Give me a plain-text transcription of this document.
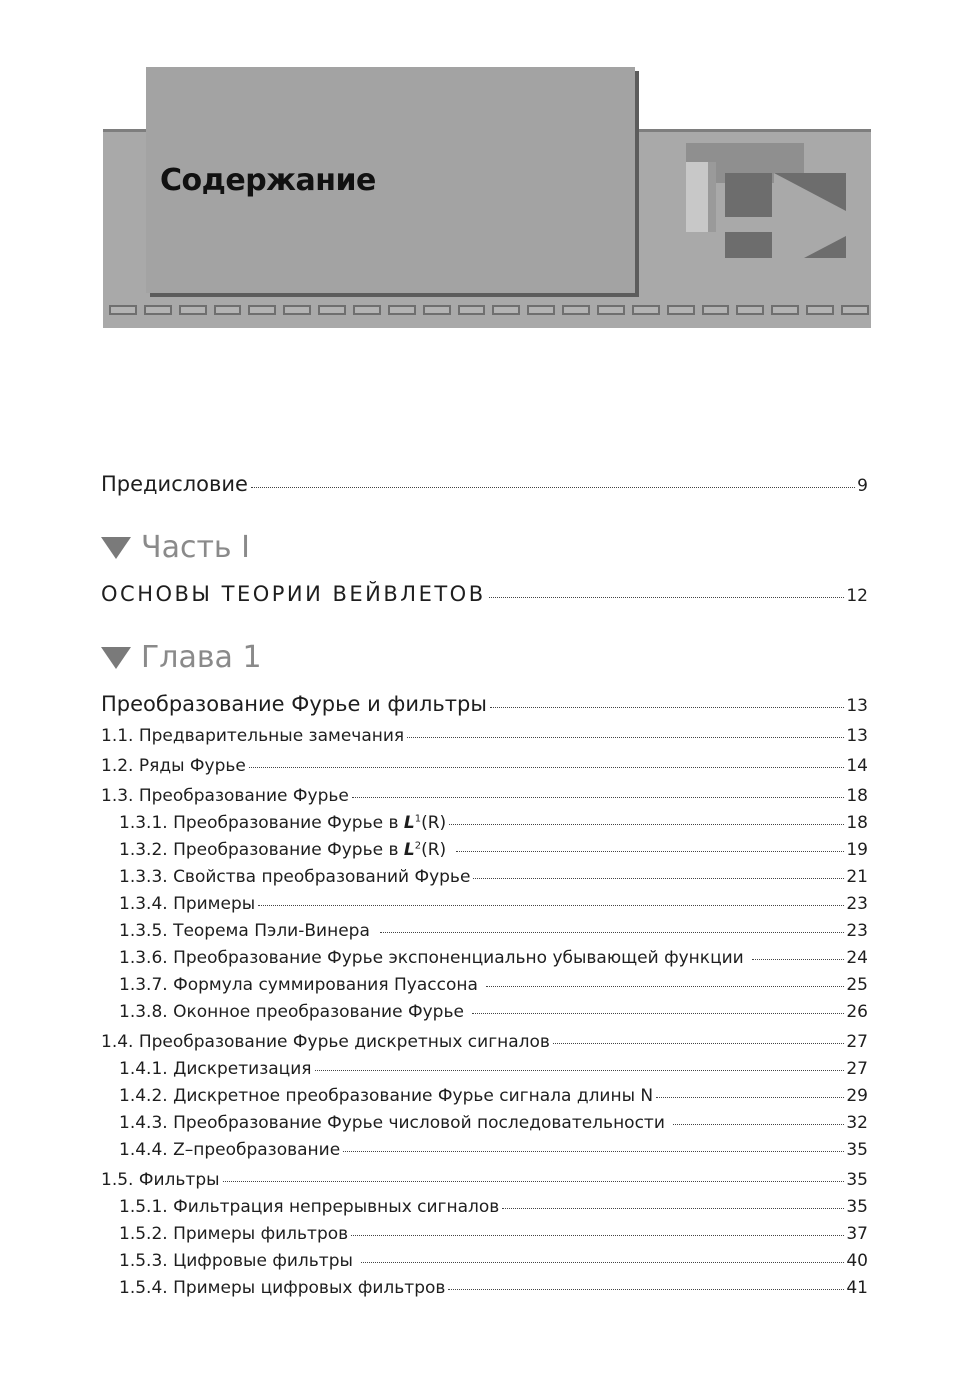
Содержание
Предисловие	9
Часть I
ОСНОВЫ ТЕОРИИ ВЕЙВЛЕТОВ	12
Глава 1
Преобразование Фурье и фильтры	13
1.1. Предварительные замечания	13
1.2. Ряды Фурье	14
1.3. Преобразование Фурье	18
1.3.1. Преобразование Фурье в $L^1(R)$	18
1.3.2. Преобразование Фурье в $L^2(R)$	19
1.3.3. Свойства преобразований Фурье	21
1.3.4. Примеры	23
1.3.5. Теорема Пэли-Винера	23
1.3.6. Преобразование Фурье экспоненциально убывающей функции	24
1.3.7. Формула суммирования Пуассона	25
1.3.8. Оконное преобразование Фурье	26
1.4. Преобразование Фурье дискретных сигналов	27
1.4.1. Дискретизация	27
1.4.2. Дискретное преобразование Фурье сигнала длины N	29
1.4.3. Преобразование Фурье числовой последовательности	32
1.4.4. Z–преобразование	35
1.5. Фильтры	35
1.5.1. Фильтрация непрерывных сигналов	35
1.5.2. Примеры фильтров	37
1.5.3. Цифровые фильтры	40
1.5.4. Примеры цифровых фильтров	41
